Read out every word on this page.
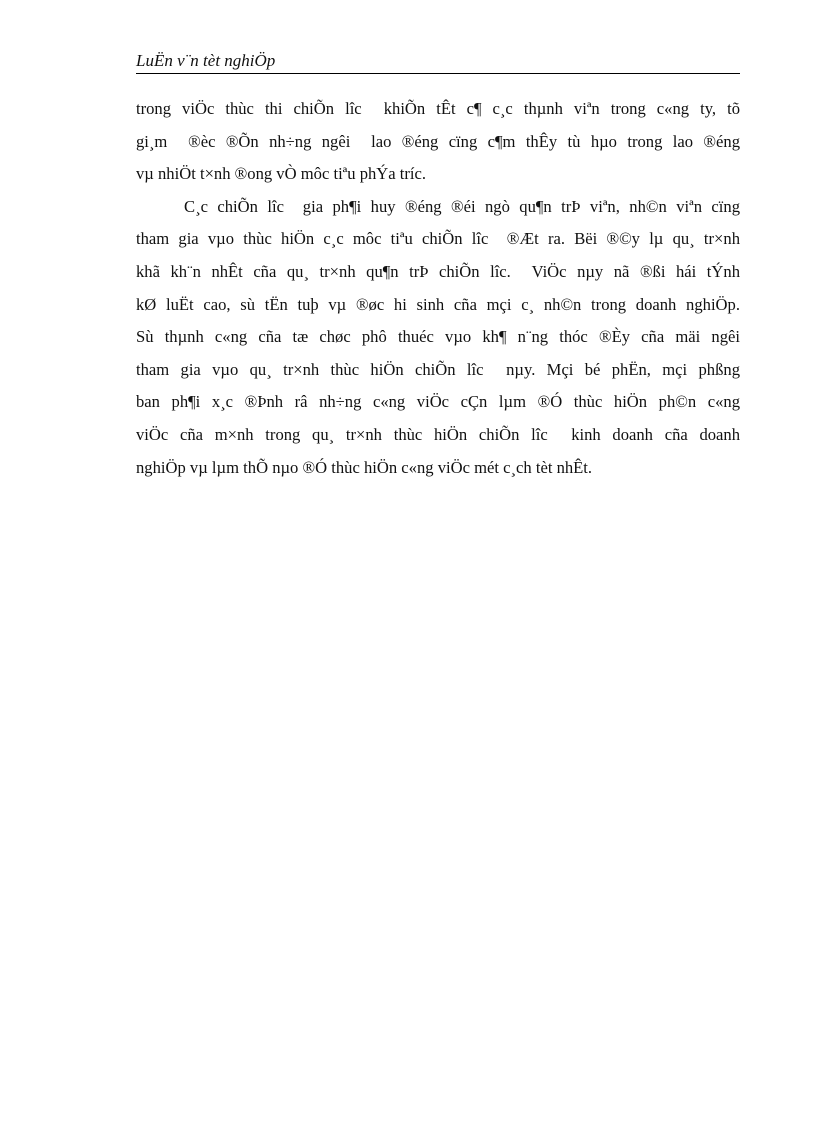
LuËn v¨n tèt nghiÖp
trong viÖc thùc thi chiÕn lîc  khiÕn tÊt c¶ c¸c thµnh viªn trong c«ng ty, tõ
gi¸m  ®èc ®Õn nh÷ng ngêi  lao ®éng cïng c¶m thÊy tù hµo trong lao ®éng
vµ nhiÖt t×nh ®ong vÒ môc tiªu phÝa tríc.
C¸c chiÕn lîc  gia ph¶i huy ®éng ®éi ngò qu¶n trÞ viªn, nh©n viªn cïng
tham gia vµo thùc hiÖn c¸c môc tiªu chiÕn lîc  ®Æt ra. Bëi ®©y lµ qu¸ tr×nh
khã kh¨n nhÊt cña qu¸ tr×nh qu¶n trÞ chiÕn lîc.  ViÖc nµy nã ®ßi hái tÝnh
kØ luËt cao, sù tËn tuþ vµ ®øc hi sinh cña mçi c¸ nh©n trong doanh nghiÖp.
Sù thµnh c«ng cña tæ chøc phô thuéc vµo kh¶ n¨ng thóc ®Èy cña mäi ngêi
tham gia vµo qu¸ tr×nh thùc hiÖn chiÕn lîc  nµy. Mçi bé phËn, mçi phßng
ban ph¶i x¸c ®Þnh râ nh÷ng c«ng viÖc cÇn lµm ®Ó thùc hiÖn ph©n c«ng
viÖc cña m×nh trong qu¸ tr×nh thùc hiÖn chiÕn lîc  kinh doanh cña doanh
nghiÖp vµ lµm thÕ nµo ®Ó thùc hiÖn c«ng viÖc mét c¸ch tèt nhÊt.
